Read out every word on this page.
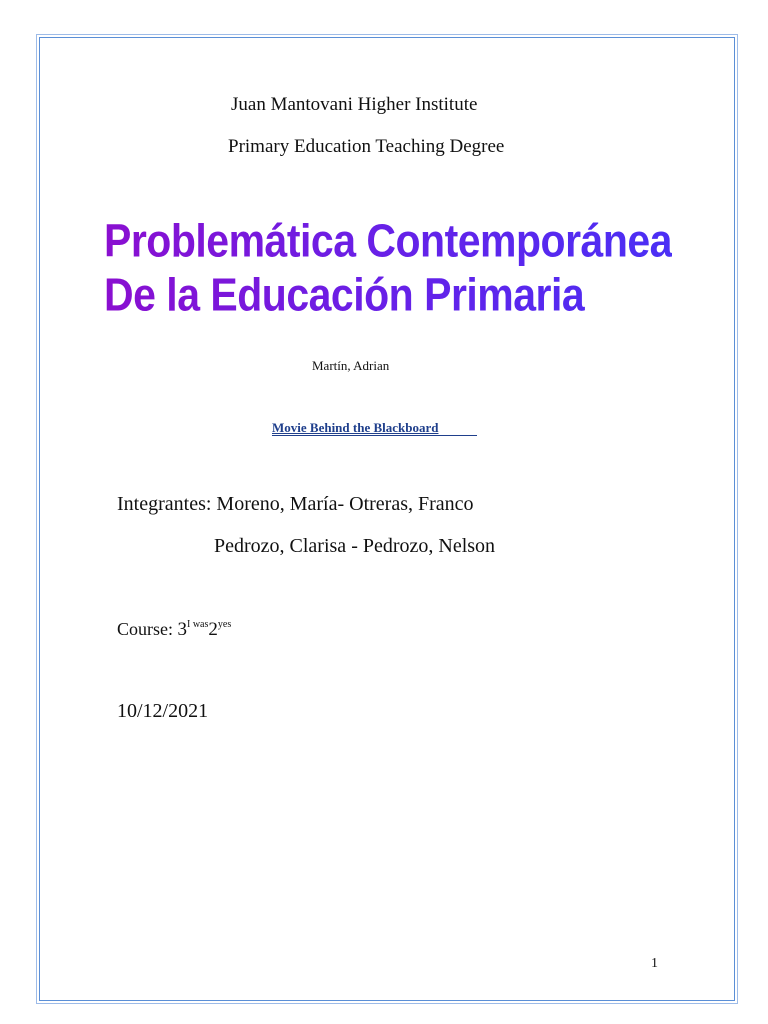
Juan Mantovani Higher Institute
Primary Education Teaching Degree
Problemática Contemporánea
De la Educación Primaria
Martín, Adrian
Movie Behind the Blackboard
Integrantes: Moreno, María- Otreras, Franco
Pedrozo, Clarisa - Pedrozo, Nelson
Course: $3^{I was}2^{yes}$
10/12/2021
1
